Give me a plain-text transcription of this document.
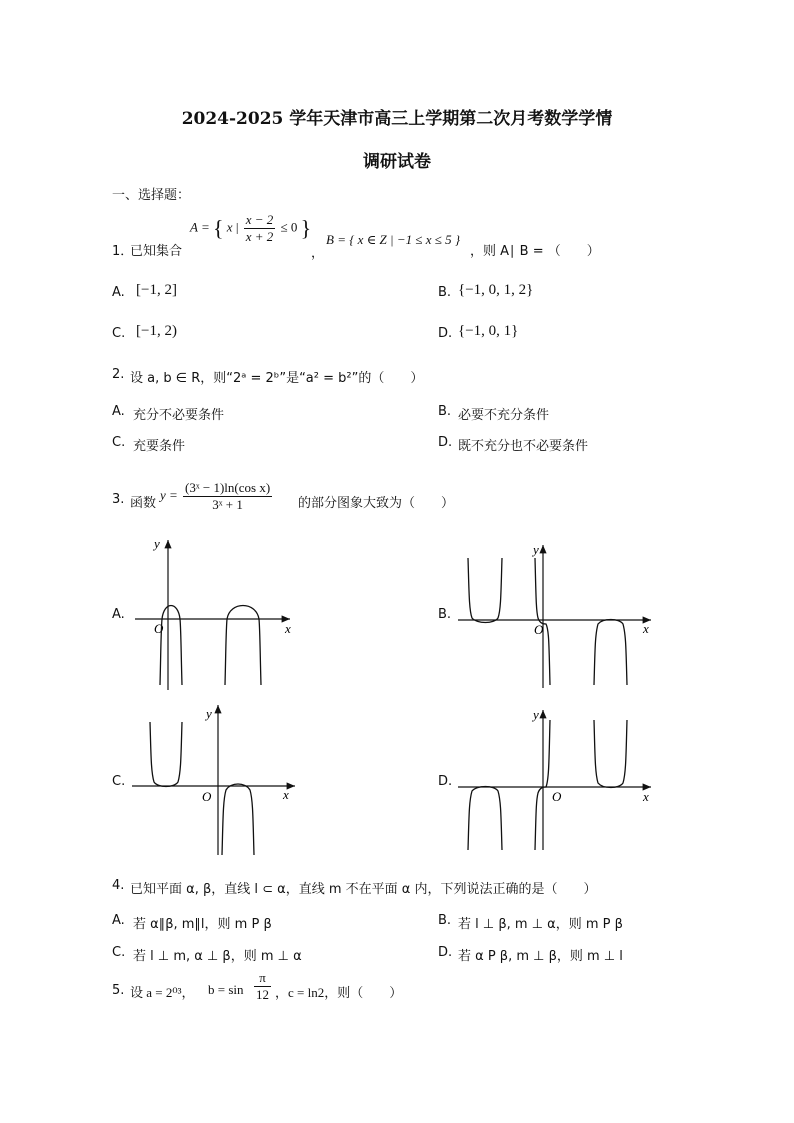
2024-2025 学年天津市高三上学期第二次月考数学学情
调研试卷
一、选择题：
1．
已知集合
A = { x | $\frac{x - 2}{x + 2} \le 0$ }
，
B = { x ∈ Z | −1 ≤ x ≤ 5 }
，则 A∣ B = （　　）
A. [−1, 2]	B. {−1, 0, 1, 2}
C. [−1, 2)	D. {−1, 0, 1}
2. 设 a, b ∈ R，则“2ᵃ = 2ᵇ”是“a² = b²”的（　　）
A. 充分不必要条件	B. 必要不充分条件
C. 充要条件	D. 既不充分也不必要条件
3. 函数
$y = \frac{\text{(3ˣ − 1)ln(cos x)}}{\text{3ˣ + 1}}$ 的部分图象大致为（　　）
A.	B.
C.	D.
y
x
O
y
x
O
y
x
O
y
x
O
4. 已知平面 α, β，直线 l ⊂ α，直线 m 不在平面 α 内，下列说法正确的是（　　）
A. 若 α∥β, m∥l，则 m P β	B. 若 l ⊥ β, m ⊥ α，则 m P β
C. 若 l ⊥ m, α ⊥ β，则 m ⊥ α	D. 若 α P β, m ⊥ β，则 m ⊥ l
5. 设 a = 2⁰³， $b = \sin \frac{\pi}{12}$ ，c = ln2，则（　　）
